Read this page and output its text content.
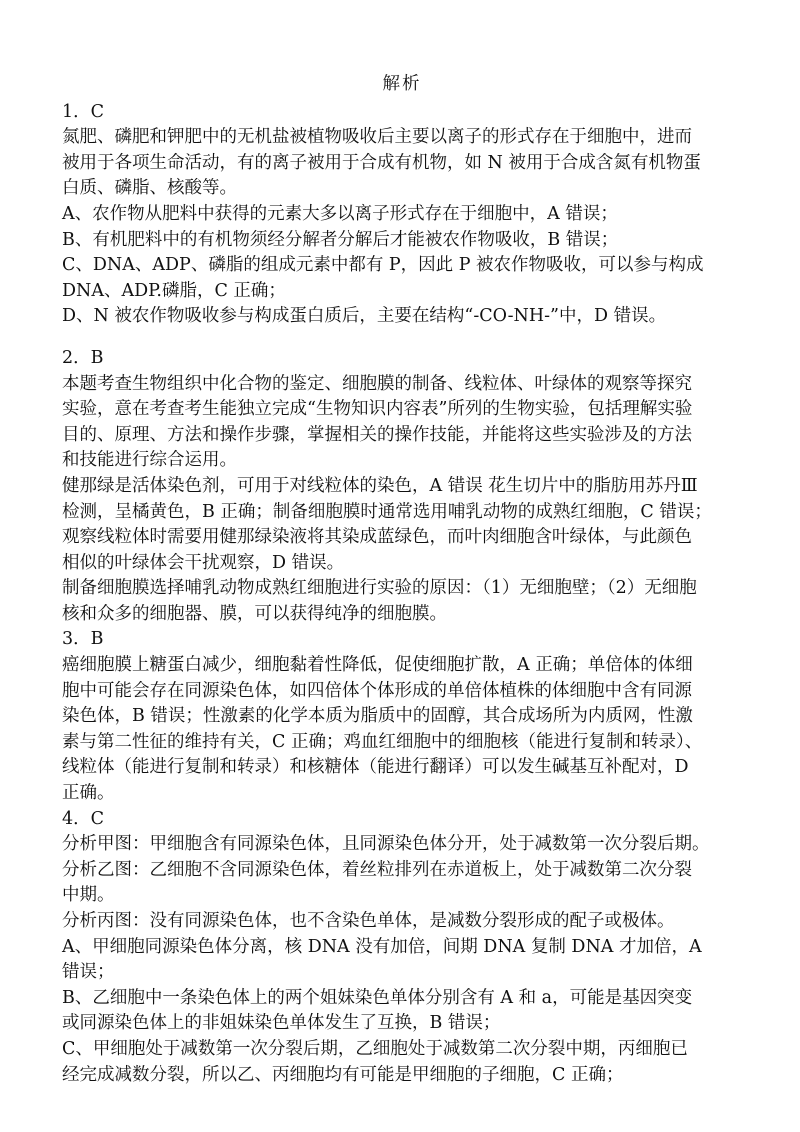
解析

1．C

氮肥、磷肥和钾肥中的无机盐被植物吸收后主要以离子的形式存在于细胞中，进而
被用于各项生命活动，有的离子被用于合成有机物，如 N 被用于合成含氮有机物蛋
白质、磷脂、核酸等。

A、农作物从肥料中获得的元素大多以离子形式存在于细胞中，A 错误；

B、有机肥料中的有机物须经分解者分解后才能被农作物吸收，B 错误；

C、DNA、ADP、磷脂的组成元素中都有 P，因此 P 被农作物吸收，可以参与构成
DNA、ADP.磷脂，C 正确；

D、N 被农作物吸收参与构成蛋白质后，主要在结构“-CO-NH-”中，D 错误。

2．B

本题考查生物组织中化合物的鉴定、细胞膜的制备、线粒体、叶绿体的观察等探究
实验，意在考查考生能独立完成“生物知识内容表”所列的生物实验，包括理解实验
目的、原理、方法和操作步骤，掌握相关的操作技能，并能将这些实验涉及的方法
和技能进行综合运用。

健那绿是活体染色剂，可用于对线粒体的染色，A 错误 花生切片中的脂肪用苏丹Ⅲ
检测，呈橘黄色，B 正确；制备细胞膜时通常选用哺乳动物的成熟红细胞，C 错误；
观察线粒体时需要用健那绿染液将其染成蓝绿色，而叶肉细胞含叶绿体，与此颜色
相似的叶绿体会干扰观察，D 错误。

制备细胞膜选择哺乳动物成熟红细胞进行实验的原因：（1）无细胞壁；（2）无细胞
核和众多的细胞器、膜，可以获得纯净的细胞膜。

3．B

癌细胞膜上糖蛋白减少，细胞黏着性降低，促使细胞扩散，A 正确；单倍体的体细
胞中可能会存在同源染色体，如四倍体个体形成的单倍体植株的体细胞中含有同源
染色体，B 错误；性激素的化学本质为脂质中的固醇，其合成场所为内质网，性激
素与第二性征的维持有关，C 正确；鸡血红细胞中的细胞核（能进行复制和转录）、
线粒体（能进行复制和转录）和核糖体（能进行翻译）可以发生碱基互补配对，D
正确。

4．C

分析甲图：甲细胞含有同源染色体，且同源染色体分开，处于减数第一次分裂后期。

分析乙图：乙细胞不含同源染色体，着丝粒排列在赤道板上，处于减数第二次分裂
中期。

分析丙图：没有同源染色体，也不含染色单体，是减数分裂形成的配子或极体。

A、甲细胞同源染色体分离，核 DNA 没有加倍，间期 DNA 复制 DNA 才加倍，A
错误；

B、乙细胞中一条染色体上的两个姐妹染色单体分别含有 A 和 a，可能是基因突变
或同源染色体上的非姐妹染色单体发生了互换，B 错误；

C、甲细胞处于减数第一次分裂后期，乙细胞处于减数第二次分裂中期，丙细胞已
经完成减数分裂，所以乙、丙细胞均有可能是甲细胞的子细胞，C 正确；
